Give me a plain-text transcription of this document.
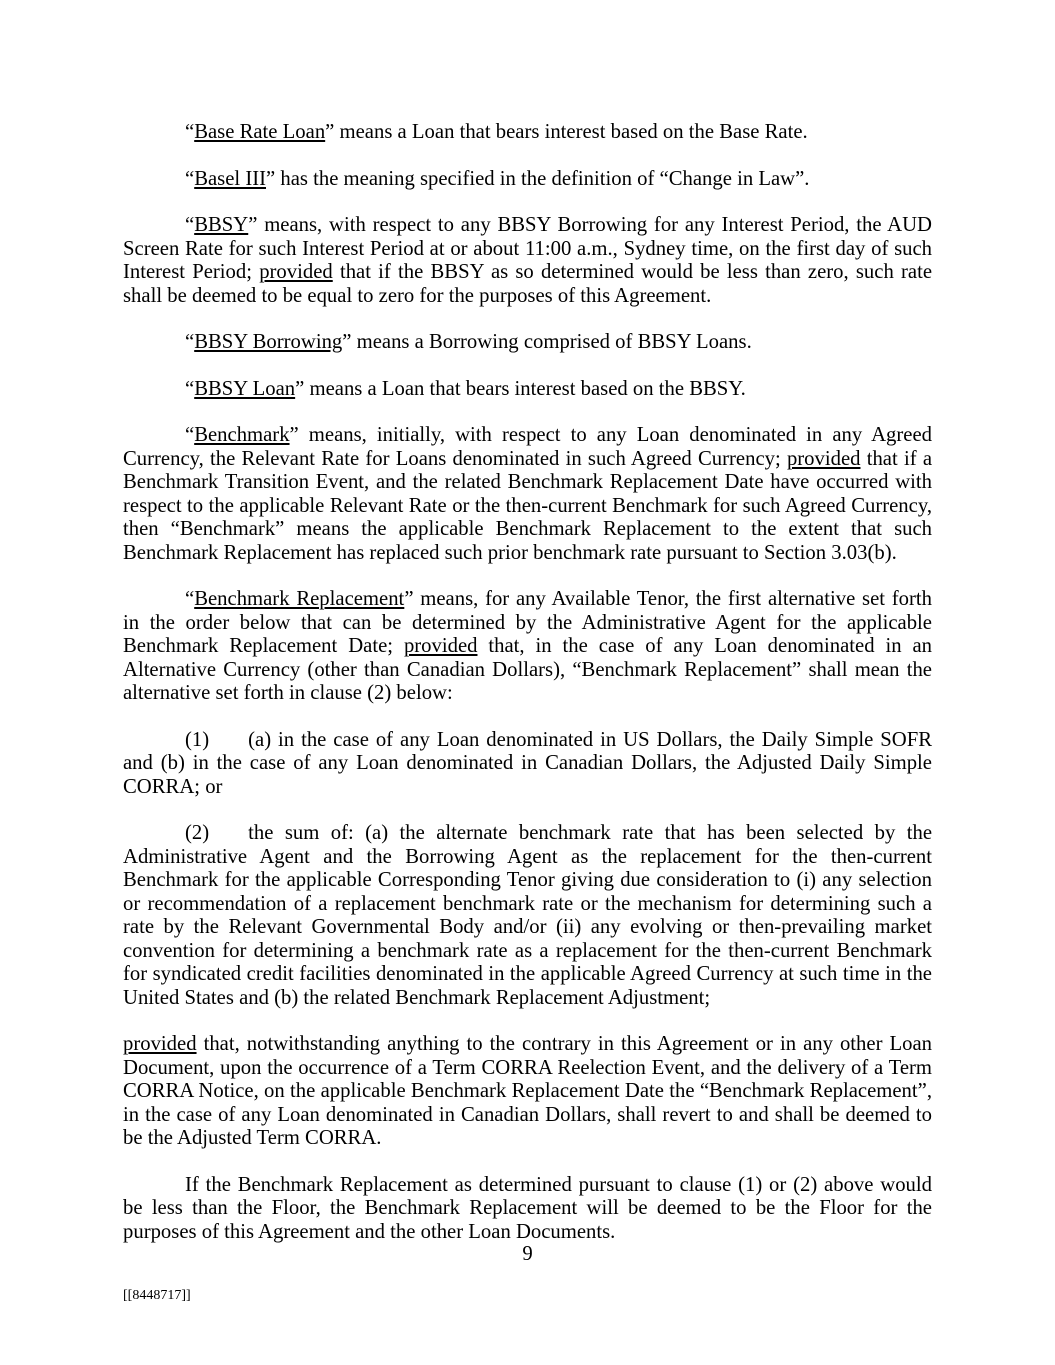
“Base Rate Loan” means a Loan that bears interest based on the Base Rate.

“Basel III” has the meaning specified in the definition of “Change in Law”.

“BBSY” means, with respect to any BBSY Borrowing for any Interest Period, the AUD Screen Rate for such Interest Period at or about 11:00 a.m., Sydney time, on the first day of such Interest Period; provided that if the BBSY as so determined would be less than zero, such rate shall be deemed to be equal to zero for the purposes of this Agreement.

“BBSY Borrowing” means a Borrowing comprised of BBSY Loans.

“BBSY Loan” means a Loan that bears interest based on the BBSY.

“Benchmark” means, initially, with respect to any Loan denominated in any Agreed Currency, the Relevant Rate for Loans denominated in such Agreed Currency; provided that if a Benchmark Transition Event, and the related Benchmark Replacement Date have occurred with respect to the applicable Relevant Rate or the then-current Benchmark for such Agreed Currency, then “Benchmark” means the applicable Benchmark Replacement to the extent that such Benchmark Replacement has replaced such prior benchmark rate pursuant to Section 3.03(b).

“Benchmark Replacement” means, for any Available Tenor, the first alternative set forth in the order below that can be determined by the Administrative Agent for the applicable Benchmark Replacement Date; provided that, in the case of any Loan denominated in an Alternative Currency (other than Canadian Dollars), “Benchmark Replacement” shall mean the alternative set forth in clause (2) below:

(1) (a) in the case of any Loan denominated in US Dollars, the Daily Simple SOFR and (b) in the case of any Loan denominated in Canadian Dollars, the Adjusted Daily Simple CORRA; or

(2) the sum of: (a) the alternate benchmark rate that has been selected by the Administrative Agent and the Borrowing Agent as the replacement for the then-current Benchmark for the applicable Corresponding Tenor giving due consideration to (i) any selection or recommendation of a replacement benchmark rate or the mechanism for determining such a rate by the Relevant Governmental Body and/or (ii) any evolving or then-prevailing market convention for determining a benchmark rate as a replacement for the then-current Benchmark for syndicated credit facilities denominated in the applicable Agreed Currency at such time in the United States and (b) the related Benchmark Replacement Adjustment;

provided that, notwithstanding anything to the contrary in this Agreement or in any other Loan Document, upon the occurrence of a Term CORRA Reelection Event, and the delivery of a Term CORRA Notice, on the applicable Benchmark Replacement Date the “Benchmark Replacement”, in the case of any Loan denominated in Canadian Dollars, shall revert to and shall be deemed to be the Adjusted Term CORRA.

If the Benchmark Replacement as determined pursuant to clause (1) or (2) above would be less than the Floor, the Benchmark Replacement will be deemed to be the Floor for the purposes of this Agreement and the other Loan Documents.

9
[[8448717]]
